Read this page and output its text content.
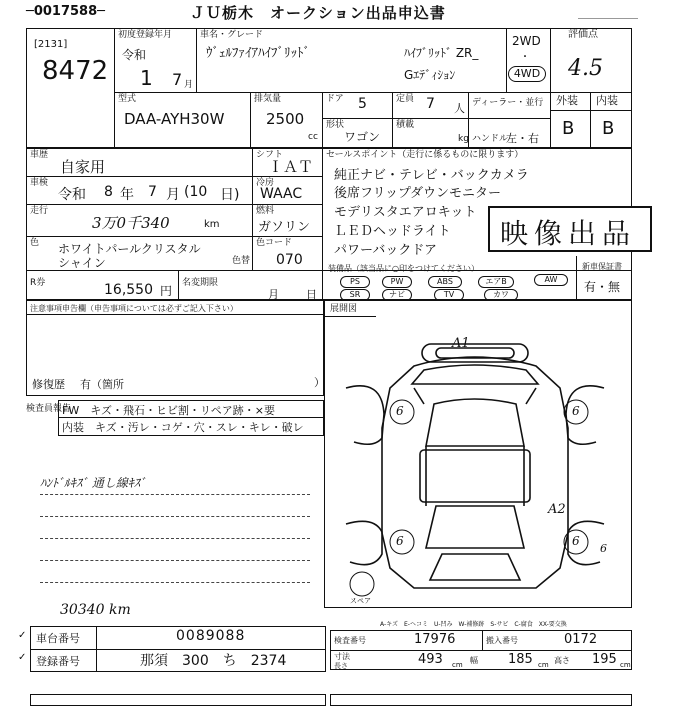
─0017588─	ＪＵ栃木　オークション出品申込書
[2131]
8472
初度登録年月
令和
1 7 月
車名・グレード
ｳﾞｪﾙﾌｧｲｱﾊｲﾌﾞﾘｯﾄﾞ	ﾊｲﾌﾞﾘｯﾄﾞ ZR_
Gｴﾃﾞｨｼｮﾝ
2WD
・
4WD
評価点
4.5
型式
DAA-AYH30W
排気量
2500
cc
ドア 5	定員 7 人 ディーラー・並行
形状
ワゴン
積載
kg ハンドル
左・右
外装 内装
B B
車歴
自家用
車検
令和 8 年 7 月 (10 日)
走行
3万0千340	km
色 ホワイトパールクリスタル
シャイン	色替
色コード
070
シフト
ＩＡＴ
冷房
WAAC
燃料
ガソリン
セールスポイント（走行に係るものに限ります）
純正ナビ・テレビ・バックカメラ
後席フリップダウンモニター
モデリスタエアロキット
ＬＥＤヘッドライト
パワーバックドア
映像出品
装備品（該当品に○印をつけてください）	新車保証書
有・無
PS	PW	ABS	エアB	AW
SR	ナビ	TV	カワ
R券	16,550 円
名変期限
月 日
注意事項申告欄（申告事項については必ずご記入下さい）
修復歴 有（箇所	）
展開図
A1
A2
6	6
6	6
6
スペア
検査員報告
FW　キズ・飛石・ヒビ割・リペア跡・×要
内装　キズ・汚レ・コゲ・穴・スレ・キレ・破レ
ﾊﾝﾄﾞﾙｷｽﾞ 通し線ｷｽﾞ
30340 km
A-キズ　E-ヘコミ　U-凹み　W-補修跡　S-サビ　C-腐食　XX-要交換
✓
✓
車台番号	0089088
登録番号	那須　300　ち　2374
検査番号	17976	搬入番号	0172
寸法
長さ	493 cm 幅 185 cm 高さ 195 cm
